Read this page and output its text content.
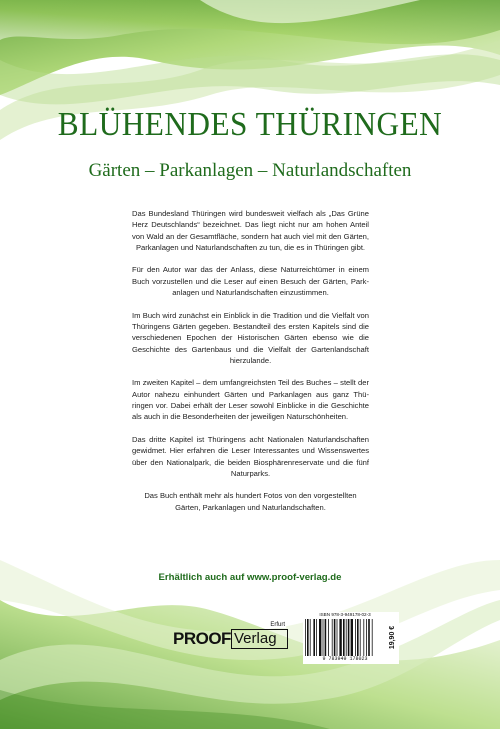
BLÜHENDES THÜRINGEN
Gärten – Parkanlagen – Naturlandschaften

Das Bundesland Thüringen wird bundesweit vielfach als „Das Grüne Herz Deutschlands“ bezeichnet. Das liegt nicht nur am hohen Anteil von Wald an der Gesamtfläche, sondern hat auch viel mit den Gärten, Parkanlagen und Naturlandschaften zu tun, die es in Thüringen gibt.

Für den Autor war das der Anlass, diese Naturreichtümer in einem Buch vorzustellen und die Leser auf einen Besuch der Gärten, Park-anlagen und Naturlandschaften einzustimmen.

Im Buch wird zunächst ein Einblick in die Tradition und die Vielfalt von Thüringens Gärten gegeben. Bestandteil des ersten Kapitels sind die verschiedenen Epochen der Historischen Gärten ebenso wie die Geschichte des Gartenbaus und die Vielfalt der Gartenlandschaft hierzulande.

Im zweiten Kapitel – dem umfangreichsten Teil des Buches – stellt der Autor nahezu einhundert Gärten und Parkanlagen aus ganz Thü-ringen vor. Dabei erhält der Leser sowohl Einblicke in die Geschichte als auch in die Besonderheiten der jeweiligen Naturschönheiten.

Das dritte Kapitel ist Thüringens acht Nationalen Naturlandschaften gewidmet. Hier erfahren die Leser Interessantes und Wissenswertes über den Nationalpark, die beiden Biosphärenreservate und die fünf Naturparks.

Das Buch enthält mehr als hundert Fotos von den vorgestellten Gärten, Parkanlagen und Naturlandschaften.

Erhältlich auch auf www.proof-verlag.de
PROOF Verlag
Erfurt
ISBN 978-3-949178-02-3
9 783949 178023
19,90 €
